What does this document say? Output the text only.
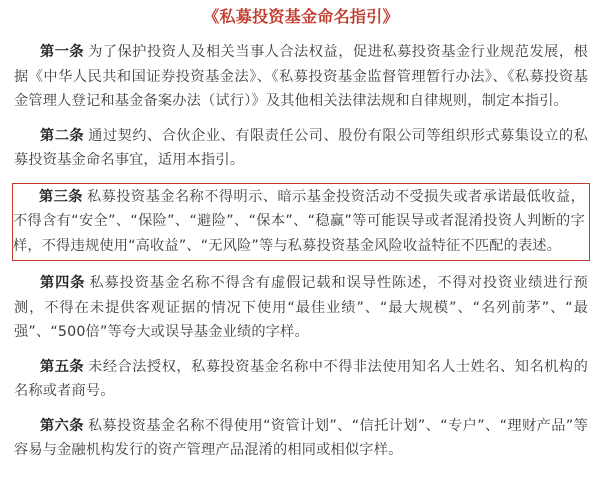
《私募投资基金命名指引》

第一条 为了保护投资人及相关当事人合法权益，促进私募投资基金行业规范发展，根据《中华人民共和国证券投资基金法》、《私募投资基金监督管理暂行办法》、《私募投资基金管理人登记和基金备案办法（试行）》及其他相关法律法规和自律规则，制定本指引。

第二条 通过契约、合伙企业、有限责任公司、股份有限公司等组织形式募集设立的私募投资基金命名事宜，适用本指引。

第三条 私募投资基金名称不得明示、暗示基金投资活动不受损失或者承诺最低收益，不得含有“安全”、“保险”、“避险”、“保本”、“稳赢”等可能误导或者混淆投资人判断的字样，不得违规使用“高收益”、“无风险”等与私募投资基金风险收益特征不匹配的表述。

第四条 私募投资基金名称不得含有虚假记载和误导性陈述，不得对投资业绩进行预测，不得在未提供客观证据的情况下使用“最佳业绩”、“最大规模”、“名列前茅”、“最强”、“500倍”等夸大或误导基金业绩的字样。

第五条 未经合法授权，私募投资基金名称中不得非法使用知名人士姓名、知名机构的名称或者商号。

第六条 私募投资基金名称不得使用“资管计划”、“信托计划”、“专户”、“理财产品”等容易与金融机构发行的资产管理产品混淆的相同或相似字样。
